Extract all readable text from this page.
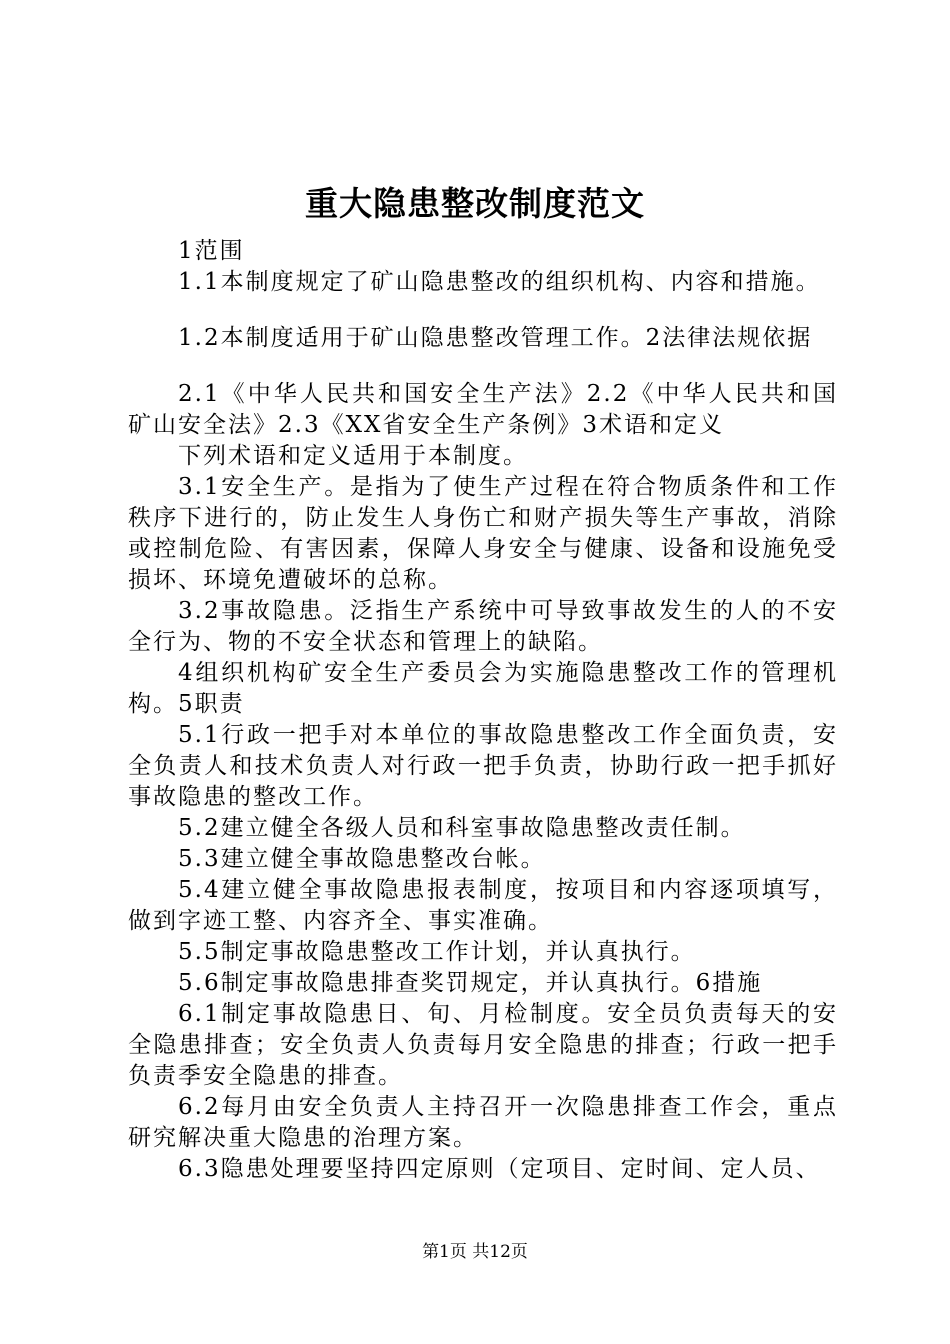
重大隐患整改制度范文

1范围

1.1本制度规定了矿山隐患整改的组织机构、内容和措施。

1.2本制度适用于矿山隐患整改管理工作。2法律法规依据

2.1《中华人民共和国安全生产法》2.2《中华人民共和国矿山安全法》2.3《XX省安全生产条例》3术语和定义

下列术语和定义适用于本制度。

3.1安全生产。是指为了使生产过程在符合物质条件和工作秩序下进行的，防止发生人身伤亡和财产损失等生产事故，消除或控制危险、有害因素，保障人身安全与健康、设备和设施免受损坏、环境免遭破坏的总称。

3.2事故隐患。泛指生产系统中可导致事故发生的人的不安全行为、物的不安全状态和管理上的缺陷。

4组织机构矿安全生产委员会为实施隐患整改工作的管理机构。5职责

5.1行政一把手对本单位的事故隐患整改工作全面负责，安全负责人和技术负责人对行政一把手负责，协助行政一把手抓好事故隐患的整改工作。

5.2建立健全各级人员和科室事故隐患整改责任制。

5.3建立健全事故隐患整改台帐。

5.4建立健全事故隐患报表制度，按项目和内容逐项填写，做到字迹工整、内容齐全、事实准确。

5.5制定事故隐患整改工作计划，并认真执行。

5.6制定事故隐患排查奖罚规定，并认真执行。6措施

6.1制定事故隐患日、旬、月检制度。安全员负责每天的安全隐患排查；安全负责人负责每月安全隐患的排查；行政一把手负责季安全隐患的排查。

6.2每月由安全负责人主持召开一次隐患排查工作会，重点研究解决重大隐患的治理方案。

6.3隐患处理要坚持四定原则（定项目、定时间、定人员、

第1页 共12页
